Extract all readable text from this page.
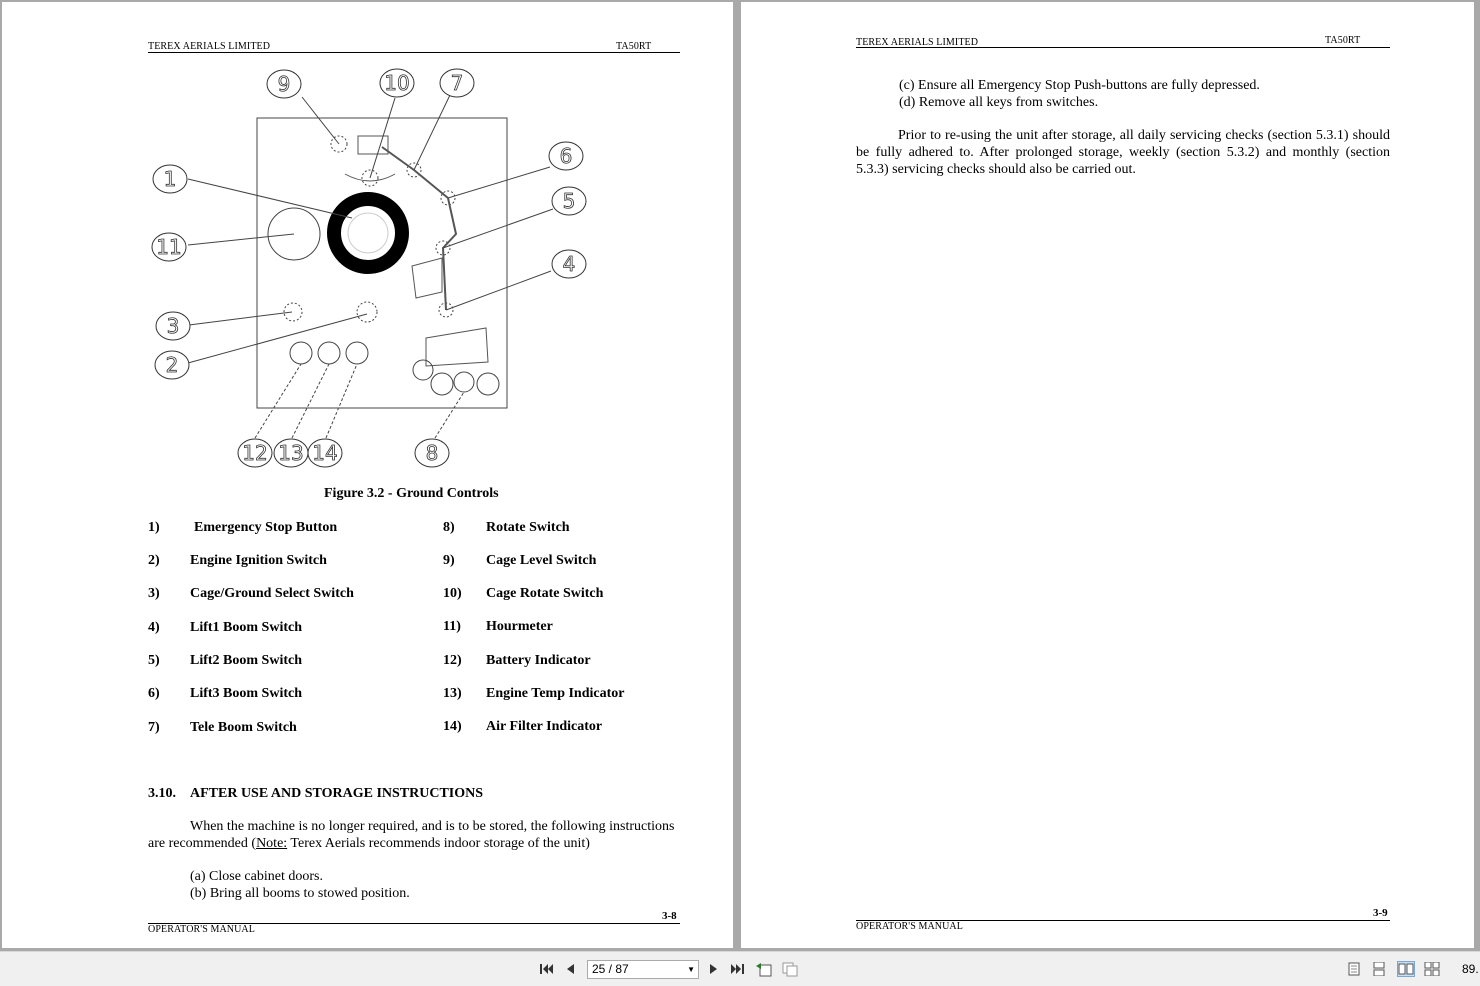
TEREX AERIALS LIMITED	TA50RT
1
2
3
4
5
6
7
8
9	10
11
12 13 14
Figure 3.2 - Ground Controls
1) Emergency Stop Button
2) Engine Ignition Switch
3) Cage/Ground Select Switch
4) Lift1 Boom Switch
5) Lift2 Boom Switch
6) Lift3 Boom Switch
7) Tele Boom Switch
8) Rotate Switch
9) Cage Level Switch
10) Cage Rotate Switch
11) Hourmeter
12) Battery Indicator
13) Engine Temp Indicator
14) Air Filter Indicator
3.10. AFTER USE AND STORAGE INSTRUCTIONS
When the machine is no longer required, and is to be stored, the following instructions
are recommended (Note: Terex Aerials recommends indoor storage of the unit)
(a) Close cabinet doors.
(b) Bring all booms to stowed position.
3-8
OPERATOR'S MANUAL
TEREX AERIALS LIMITED	TA50RT
(c) Ensure all Emergency Stop Push-buttons are fully depressed.
(d) Remove all keys from switches.
Prior to re-using the unit after storage, all daily servicing checks (section 5.3.1) should
be fully adhered to. After prolonged storage, weekly (section 5.3.2) and monthly (section
5.3.3) servicing checks should also be carried out.
3-9
OPERATOR'S MANUAL
25 / 87	▼	89.
